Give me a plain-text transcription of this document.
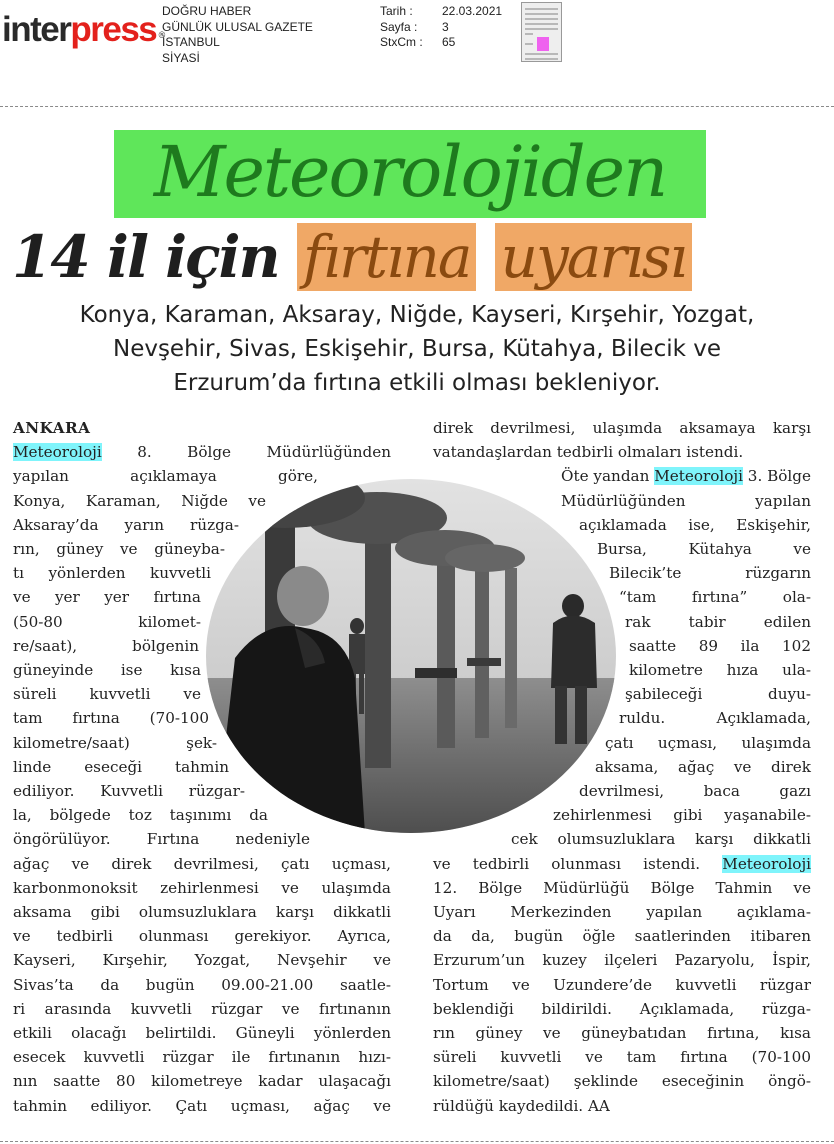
interpress ®
DOĞRU HABER
GÜNLÜK ULUSAL GAZETE
İSTANBUL
SİYASİ
Tarih :	22.03.2021
Sayfa :	3
StxCm :	65
Meteorolojiden
14 il için fırtına uyarısı
Konya, Karaman, Aksaray, Niğde, Kayseri, Kırşehir, Yozgat,
Nevşehir, Sivas, Eskişehir, Bursa, Kütahya, Bilecik ve
Erzurum’da fırtına etkili olması bekleniyor.
ANKARA
Meteoroloji 8. Bölge Müdürlüğünden
yapılan açıklamaya göre,
Konya, Karaman, Niğde ve
Aksaray’da yarın rüzga-
rın, güney ve güneyba-
tı yönlerden kuvvetli
ve yer yer fırtına
(50-80 kilomet-
re/saat), bölgenin
güneyinde ise kısa
süreli kuvvetli ve
tam fırtına (70-100
kilometre/saat) şek-
linde eseceği tahmin
ediliyor. Kuvvetli rüzgar-
la, bölgede toz taşınımı da
öngörülüyor. Fırtına nedeniyle
ağaç ve direk devrilmesi, çatı uçması,
karbonmonoksit zehirlenmesi ve ulaşımda
aksama gibi olumsuzluklara karşı dikkatli
ve tedbirli olunması gerekiyor. Ayrıca,
Kayseri, Kırşehir, Yozgat, Nevşehir ve
Sivas’ta da bugün 09.00-21.00 saatle-
ri arasında kuvvetli rüzgar ve fırtınanın
etkili olacağı belirtildi. Güneyli yönlerden
esecek kuvvetli rüzgar ile fırtınanın hızı-
nın saatte 80 kilometreye kadar ulaşacağı
tahmin ediliyor. Çatı uçması, ağaç ve
direk devrilmesi, ulaşımda aksamaya karşı
vatandaşlardan tedbirli olmaları istendi.
Öte yandan Meteoroloji 3. Bölge
Müdürlüğünden yapılan
açıklamada ise, Eskişehir,
Bursa, Kütahya ve
Bilecik’te rüzgarın
“tam fırtına” ola-
rak tabir edilen
saatte 89 ila 102
kilometre hıza ula-
şabileceği duyu-
ruldu. Açıklamada,
çatı uçması, ulaşımda
aksama, ağaç ve direk
devrilmesi, baca gazı
zehirlenmesi gibi yaşanabile-
cek olumsuzluklara karşı dikkatli
ve tedbirli olunması istendi. Meteoroloji
12. Bölge Müdürlüğü Bölge Tahmin ve
Uyarı Merkezinden yapılan açıklama-
da da, bugün öğle saatlerinden itibaren
Erzurum’un kuzey ilçeleri Pazaryolu, İspir,
Tortum ve Uzundere’de kuvvetli rüzgar
beklendiği bildirildi. Açıklamada, rüzga-
rın güney ve güneybatıdan fırtına, kısa
süreli kuvvetli ve tam fırtına (70-100
kilometre/saat) şeklinde eseceğinin öngö-
rüldüğü kaydedildi. AA
